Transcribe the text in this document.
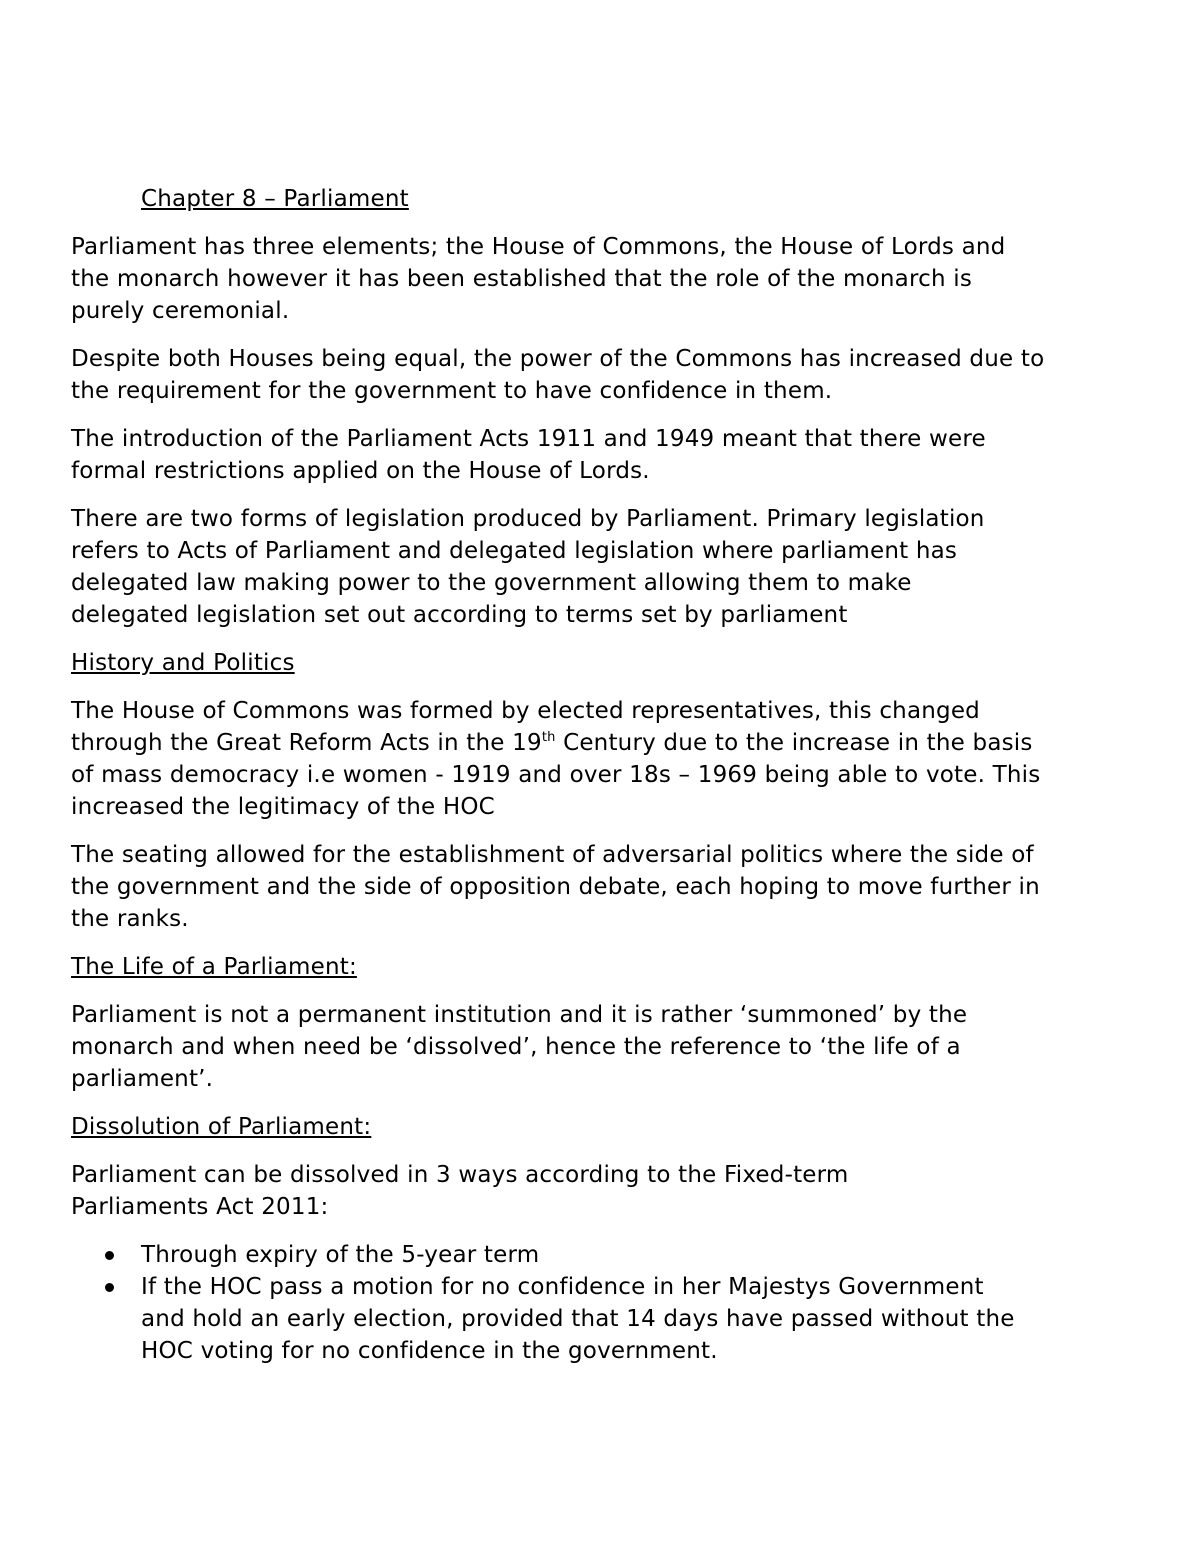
Chapter 8 – Parliament

Parliament has three elements; the House of Commons, the House of Lords and the monarch however it has been established that the role of the monarch is purely ceremonial.

Despite both Houses being equal, the power of the Commons has increased due to the requirement for the government to have confidence in them.

The introduction of the Parliament Acts 1911 and 1949 meant that there were formal restrictions applied on the House of Lords.

There are two forms of legislation produced by Parliament. Primary legislation refers to Acts of Parliament and delegated legislation where parliament has delegated law making power to the government allowing them to make delegated legislation set out according to terms set by parliament

History and Politics

The House of Commons was formed by elected representatives, this changed through the Great Reform Acts in the 19th Century due to the increase in the basis of mass democracy i.e women - 1919 and over 18s – 1969 being able to vote. This increased the legitimacy of the HOC

The seating allowed for the establishment of adversarial politics where the side of the government and the side of opposition debate, each hoping to move further in the ranks.

The Life of a Parliament:

Parliament is not a permanent institution and it is rather ‘summoned’ by the monarch and when need be ‘dissolved’, hence the reference to ‘the life of a parliament’.

Dissolution of Parliament:

Parliament can be dissolved in 3 ways according to the Fixed-term Parliaments Act 2011:

Through expiry of the 5-year term
If the HOC pass a motion for no confidence in her Majestys Government and hold an early election, provided that 14 days have passed without the HOC voting for no confidence in the government.
